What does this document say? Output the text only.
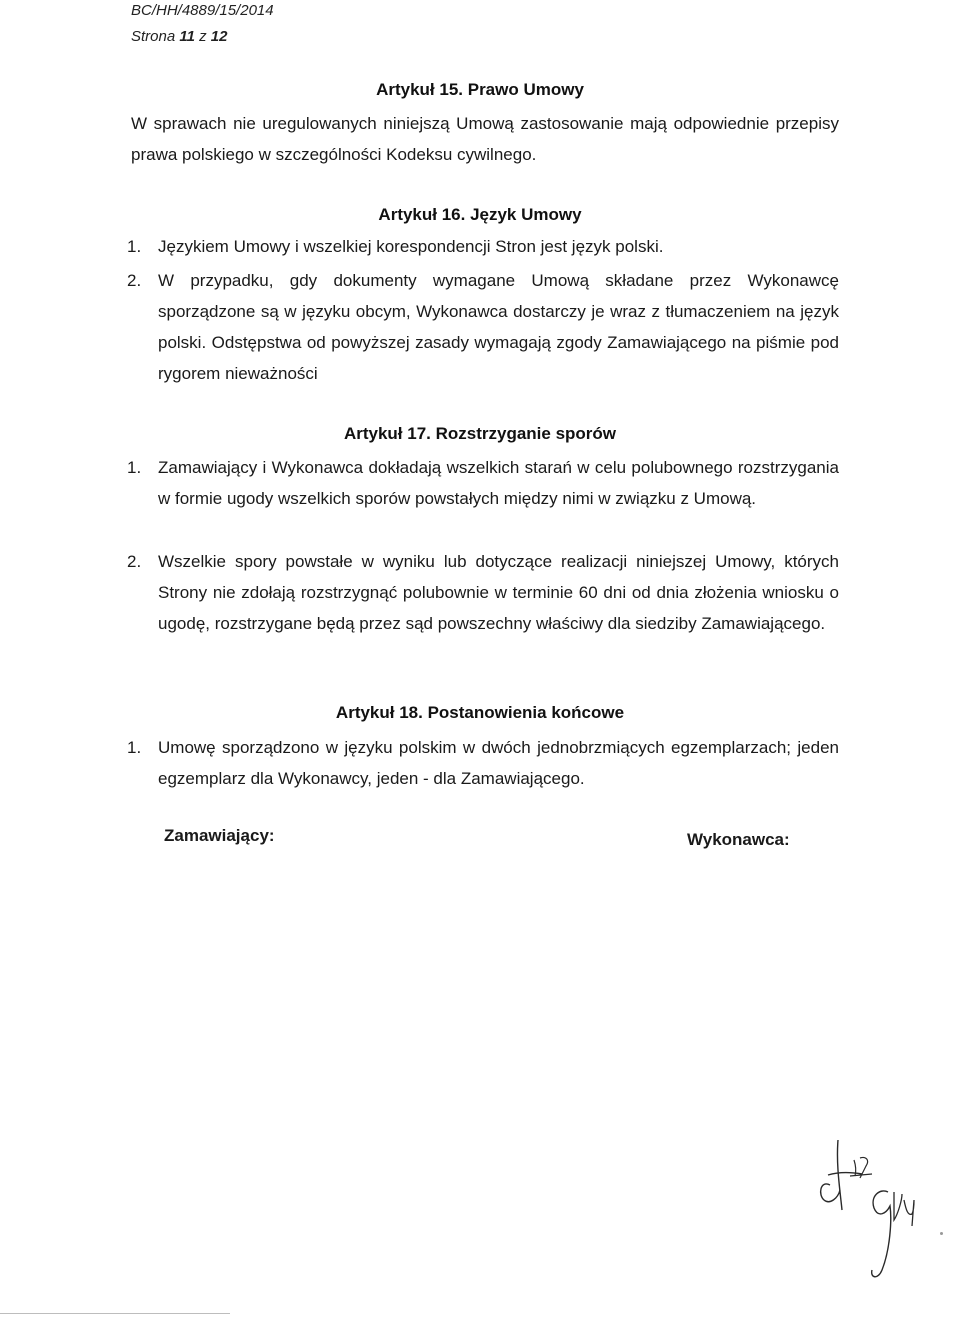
BC/HH/4889/15/2014
Strona 11 z 12
Artykuł 15. Prawo Umowy
W sprawach nie uregulowanych niniejszą Umową zastosowanie mają odpowiednie przepisy prawa polskiego w szczególności Kodeksu cywilnego.
Artykuł 16. Język Umowy
1. Językiem Umowy i wszelkiej korespondencji Stron jest język polski.
2. W przypadku, gdy dokumenty wymagane Umową składane przez Wykonawcę sporządzone są w języku obcym, Wykonawca dostarczy je wraz z tłumaczeniem na język polski. Odstępstwa od powyższej zasady wymagają zgody Zamawiającego na piśmie pod rygorem nieważności
Artykuł 17. Rozstrzyganie sporów
1. Zamawiający i Wykonawca dokładają wszelkich starań w celu polubownego rozstrzygania w formie ugody wszelkich sporów powstałych między nimi w związku z Umową.
2. Wszelkie spory powstałe w wyniku lub dotyczące realizacji niniejszej Umowy, których Strony nie zdołają rozstrzygnąć polubownie w terminie 60 dni od dnia złożenia wniosku o ugodę, rozstrzygane będą przez sąd powszechny właściwy dla siedziby Zamawiającego.
Artykuł 18. Postanowienia końcowe
1. Umowę sporządzono w języku polskim w dwóch jednobrzmiących egzemplarzach; jeden egzemplarz dla Wykonawcy, jeden - dla Zamawiającego.
Zamawiający:	Wykonawca:
